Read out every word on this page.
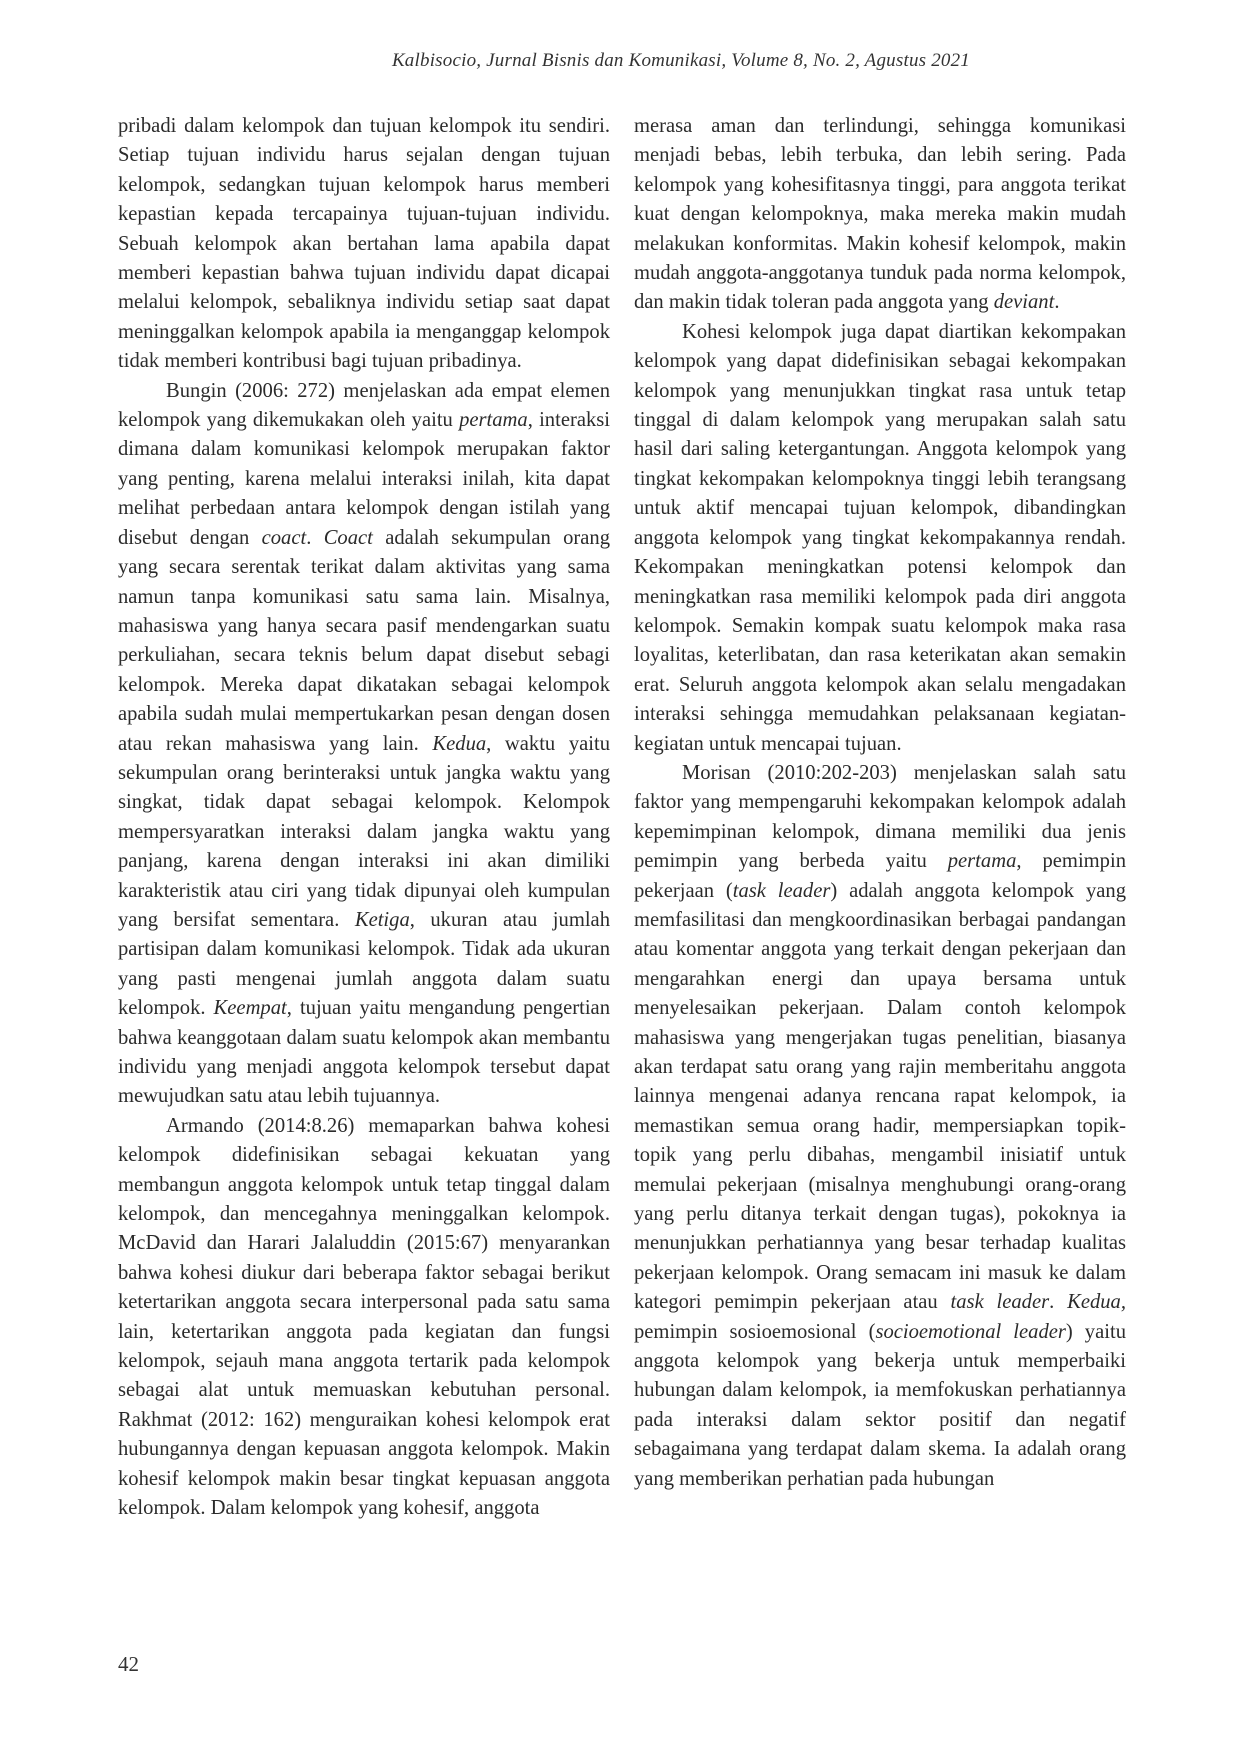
Kalbisocio, Jurnal Bisnis dan Komunikasi, Volume 8, No. 2, Agustus 2021

pribadi dalam kelompok dan tujuan kelompok itu sendiri. Setiap tujuan individu harus sejalan dengan tujuan kelompok, sedangkan tujuan kelompok harus memberi kepastian kepada tercapainya tujuan-tujuan individu. Sebuah kelompok akan bertahan lama apabila dapat memberi kepastian bahwa tujuan individu dapat dicapai melalui kelompok, sebaliknya individu setiap saat dapat meninggalkan kelompok apabila ia menganggap kelompok tidak memberi kontribusi bagi tujuan pribadinya.

Bungin (2006: 272) menjelaskan ada empat elemen kelompok yang dikemukakan oleh yaitu pertama, interaksi dimana dalam komunikasi kelompok merupakan faktor yang penting, karena melalui interaksi inilah, kita dapat melihat perbedaan antara kelompok dengan istilah yang disebut dengan coact. Coact adalah sekumpulan orang yang secara serentak terikat dalam aktivitas yang sama namun tanpa komunikasi satu sama lain. Misalnya, mahasiswa yang hanya secara pasif mendengarkan suatu perkuliahan, secara teknis belum dapat disebut sebagi kelompok. Mereka dapat dikatakan sebagai kelompok apabila sudah mulai mempertukarkan pesan dengan dosen atau rekan mahasiswa yang lain. Kedua, waktu yaitu sekumpulan orang berinteraksi untuk jangka waktu yang singkat, tidak dapat sebagai kelompok. Kelompok mempersyaratkan interaksi dalam jangka waktu yang panjang, karena dengan interaksi ini akan dimiliki karakteristik atau ciri yang tidak dipunyai oleh kumpulan yang bersifat sementara. Ketiga, ukuran atau jumlah partisipan dalam komunikasi kelompok. Tidak ada ukuran yang pasti mengenai jumlah anggota dalam suatu kelompok. Keempat, tujuan yaitu mengandung pengertian bahwa keanggotaan dalam suatu kelompok akan membantu individu yang menjadi anggota kelompok tersebut dapat mewujudkan satu atau lebih tujuannya.

Armando (2014:8.26) memaparkan bahwa kohesi kelompok didefinisikan sebagai kekuatan yang membangun anggota kelompok untuk tetap tinggal dalam kelompok, dan mencegahnya meninggalkan kelompok. McDavid dan Harari Jalaluddin (2015:67) menyarankan bahwa kohesi diukur dari beberapa faktor sebagai berikut ketertarikan anggota secara interpersonal pada satu sama lain, ketertarikan anggota pada kegiatan dan fungsi kelompok, sejauh mana anggota tertarik pada kelompok sebagai alat untuk memuaskan kebutuhan personal. Rakhmat (2012: 162) menguraikan kohesi kelompok erat hubungannya dengan kepuasan anggota kelompok. Makin kohesif kelompok makin besar tingkat kepuasan anggota kelompok. Dalam kelompok yang kohesif, anggota

merasa aman dan terlindungi, sehingga komunikasi menjadi bebas, lebih terbuka, dan lebih sering. Pada kelompok yang kohesifitasnya tinggi, para anggota terikat kuat dengan kelompoknya, maka mereka makin mudah melakukan konformitas. Makin kohesif kelompok, makin mudah anggota-anggotanya tunduk pada norma kelompok, dan makin tidak toleran pada anggota yang deviant.

Kohesi kelompok juga dapat diartikan kekompakan kelompok yang dapat didefinisikan sebagai kekompakan kelompok yang menunjukkan tingkat rasa untuk tetap tinggal di dalam kelompok yang merupakan salah satu hasil dari saling ketergantungan. Anggota kelompok yang tingkat kekompakan kelompoknya tinggi lebih terangsang untuk aktif mencapai tujuan kelompok, dibandingkan anggota kelompok yang tingkat kekompakannya rendah. Kekompakan meningkatkan potensi kelompok dan meningkatkan rasa memiliki kelompok pada diri anggota kelompok. Semakin kompak suatu kelompok maka rasa loyalitas, keterlibatan, dan rasa keterikatan akan semakin erat. Seluruh anggota kelompok akan selalu mengadakan interaksi sehingga memudahkan pelaksanaan kegiatan-kegiatan untuk mencapai tujuan.

Morisan (2010:202-203) menjelaskan salah satu faktor yang mempengaruhi kekompakan kelompok adalah kepemimpinan kelompok, dimana memiliki dua jenis pemimpin yang berbeda yaitu pertama, pemimpin pekerjaan (task leader) adalah anggota kelompok yang memfasilitasi dan mengkoordinasikan berbagai pandangan atau komentar anggota yang terkait dengan pekerjaan dan mengarahkan energi dan upaya bersama untuk menyelesaikan pekerjaan. Dalam contoh kelompok mahasiswa yang mengerjakan tugas penelitian, biasanya akan terdapat satu orang yang rajin memberitahu anggota lainnya mengenai adanya rencana rapat kelompok, ia memastikan semua orang hadir, mempersiapkan topik-topik yang perlu dibahas, mengambil inisiatif untuk memulai pekerjaan (misalnya menghubungi orang-orang yang perlu ditanya terkait dengan tugas), pokoknya ia menunjukkan perhatiannya yang besar terhadap kualitas pekerjaan kelompok. Orang semacam ini masuk ke dalam kategori pemimpin pekerjaan atau task leader. Kedua, pemimpin sosioemosional (socioemotional leader) yaitu anggota kelompok yang bekerja untuk memperbaiki hubungan dalam kelompok, ia memfokuskan perhatiannya pada interaksi dalam sektor positif dan negatif sebagaimana yang terdapat dalam skema. Ia adalah orang yang memberikan perhatian pada hubungan

42
